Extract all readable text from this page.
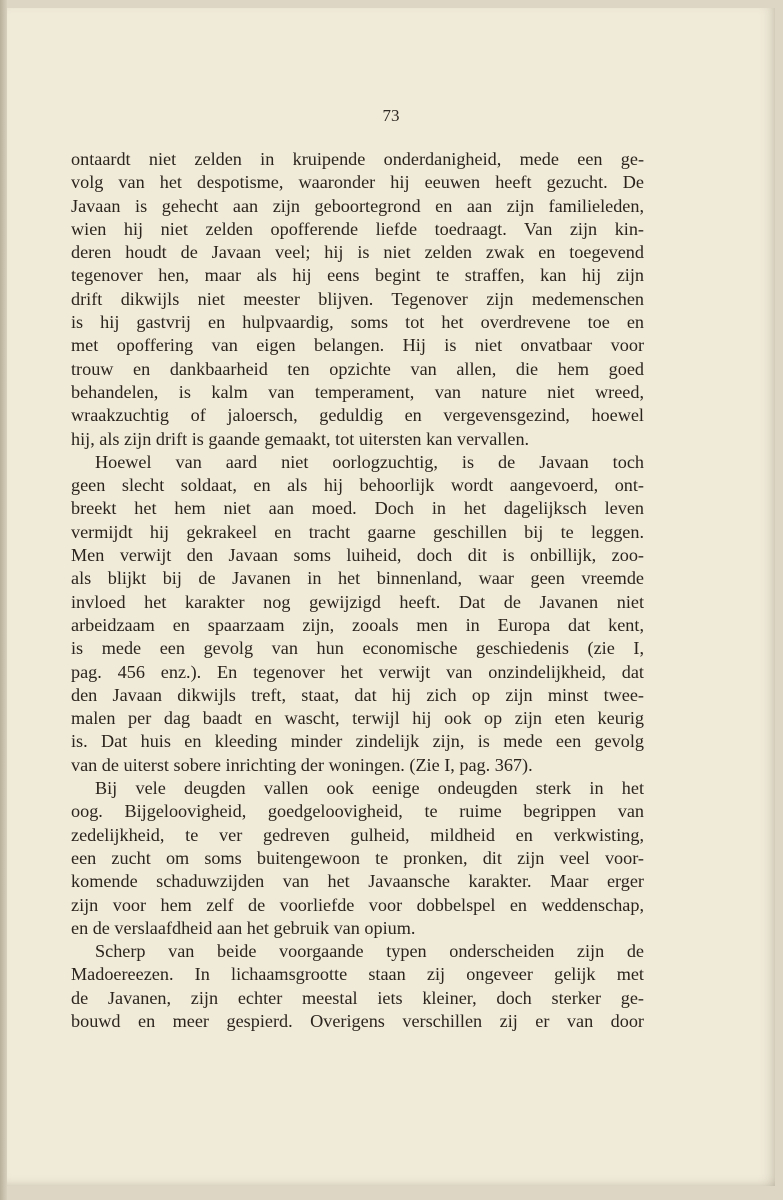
73
ontaardt niet zelden in kruipende onderdanigheid, mede een ge-
volg van het despotisme, waaronder hij eeuwen heeft gezucht. De
Javaan is gehecht aan zijn geboortegrond en aan zijn familieleden,
wien hij niet zelden opofferende liefde toedraagt. Van zijn kin-
deren houdt de Javaan veel; hij is niet zelden zwak en toegevend
tegenover hen, maar als hij eens begint te straffen, kan hij zijn
drift dikwijls niet meester blijven. Tegenover zijn medemenschen
is hij gastvrij en hulpvaardig, soms tot het overdrevene toe en
met opoffering van eigen belangen. Hij is niet onvatbaar voor
trouw en dankbaarheid ten opzichte van allen, die hem goed
behandelen, is kalm van temperament, van nature niet wreed,
wraakzuchtig of jaloersch, geduldig en vergevensgezind, hoewel
hij, als zijn drift is gaande gemaakt, tot uitersten kan vervallen.
Hoewel van aard niet oorlogzuchtig, is de Javaan toch
geen slecht soldaat, en als hij behoorlijk wordt aangevoerd, ont-
breekt het hem niet aan moed. Doch in het dagelijksch leven
vermijdt hij gekrakeel en tracht gaarne geschillen bij te leggen.
Men verwijt den Javaan soms luiheid, doch dit is onbillijk, zoo-
als blijkt bij de Javanen in het binnenland, waar geen vreemde
invloed het karakter nog gewijzigd heeft. Dat de Javanen niet
arbeidzaam en spaarzaam zijn, zooals men in Europa dat kent,
is mede een gevolg van hun economische geschiedenis (zie I,
pag. 456 enz.). En tegenover het verwijt van onzindelijkheid, dat
den Javaan dikwijls treft, staat, dat hij zich op zijn minst twee-
malen per dag baadt en wascht, terwijl hij ook op zijn eten keurig
is. Dat huis en kleeding minder zindelijk zijn, is mede een gevolg
van de uiterst sobere inrichting der woningen. (Zie I, pag. 367).
Bij vele deugden vallen ook eenige ondeugden sterk in het
oog. Bijgeloovigheid, goedgeloovigheid, te ruime begrippen van
zedelijkheid, te ver gedreven gulheid, mildheid en verkwisting,
een zucht om soms buitengewoon te pronken, dit zijn veel voor-
komende schaduwzijden van het Javaansche karakter. Maar erger
zijn voor hem zelf de voorliefde voor dobbelspel en weddenschap,
en de verslaafdheid aan het gebruik van opium.
Scherp van beide voorgaande typen onderscheiden zijn de
Madoereezen. In lichaamsgrootte staan zij ongeveer gelijk met
de Javanen, zijn echter meestal iets kleiner, doch sterker ge-
bouwd en meer gespierd. Overigens verschillen zij er van door
